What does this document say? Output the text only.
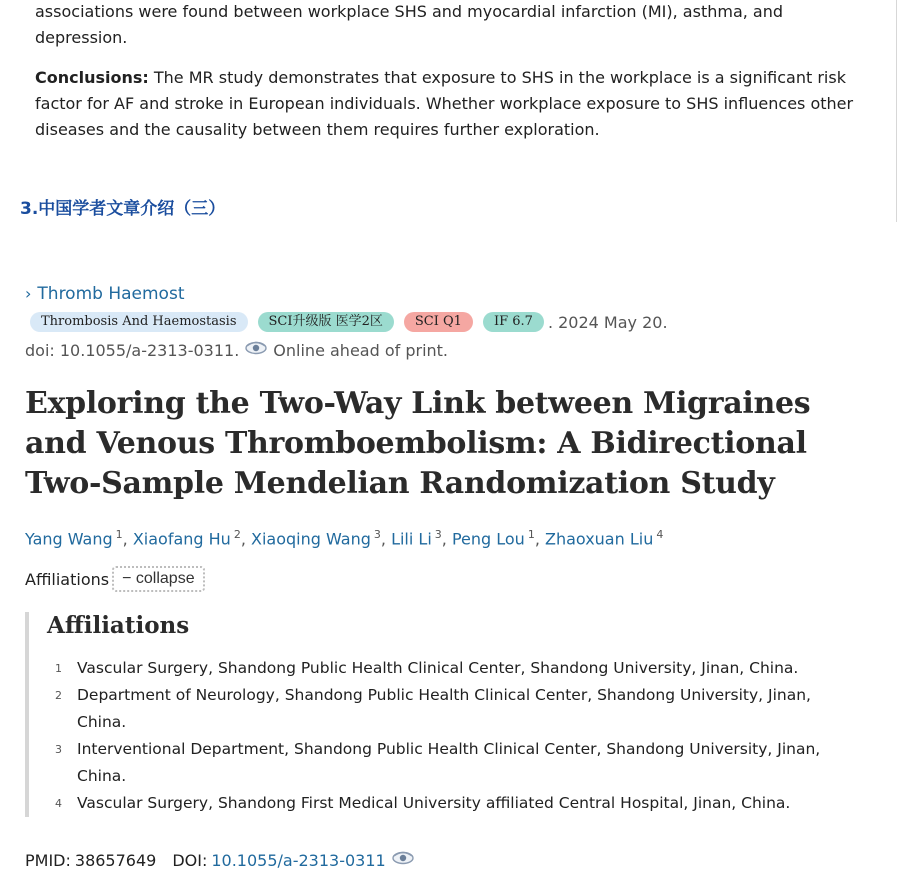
associations were found between workplace SHS and myocardial infarction (MI), asthma, and depression.

Conclusions: The MR study demonstrates that exposure to SHS in the workplace is a significant risk factor for AF and stroke in European individuals. Whether workplace exposure to SHS influences other diseases and the causality between them requires further exploration.

3.中国学者文章介绍（三）
› Thromb Haemost
Thrombosis And Haemostasis	SCI升级版 医学2区	SCI Q1	IF 6.7 . 2024 May 20.
doi: 10.1055/a-2313-0311. Online ahead of print.
Exploring the Two-Way Link between Migraines and Venous Thromboembolism: A Bidirectional Two-Sample Mendelian Randomization Study
Yang Wang $^1$, Xiaofang Hu $^2$, Xiaoqing Wang $^3$, Lili Li $^3$, Peng Lou $^1$, Zhaoxuan Liu $^4$
Affiliations − collapse
Affiliations
1 Vascular Surgery, Shandong Public Health Clinical Center, Shandong University, Jinan, China.
2 Department of Neurology, Shandong Public Health Clinical Center, Shandong University, Jinan, China.
3 Interventional Department, Shandong Public Health Clinical Center, Shandong University, Jinan, China.
4 Vascular Surgery, Shandong First Medical University affiliated Central Hospital, Jinan, China.
PMID: 38657649 DOI: 10.1055/a-2313-0311
